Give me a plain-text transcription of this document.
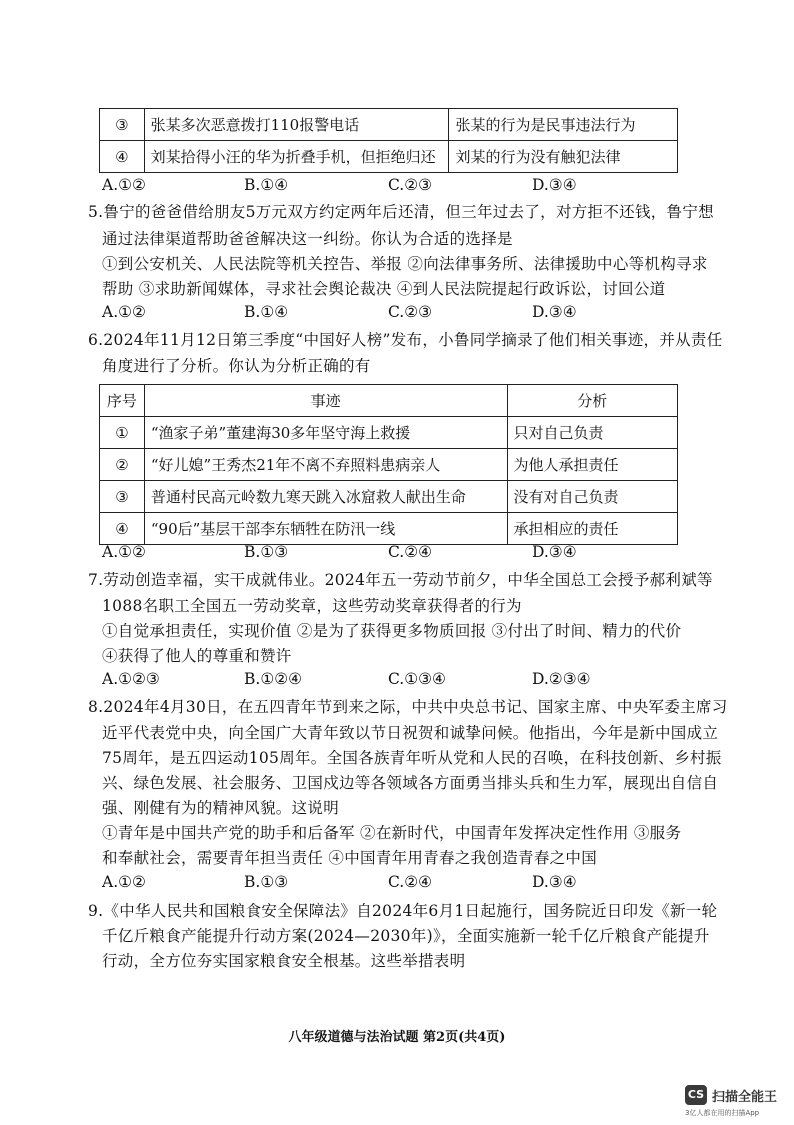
③	张某多次恶意拨打110报警电话	张某的行为是民事违法行为
④	刘某拾得小汪的华为折叠手机，但拒绝归还	刘某的行为没有触犯法律
A.①②	B.①④	C.②③	D.③④
5.鲁宁的爸爸借给朋友5万元双方约定两年后还清，但三年过去了，对方拒不还钱，鲁宁想
通过法律渠道帮助爸爸解决这一纠纷。你认为合适的选择是
①到公安机关、人民法院等机关控告、举报 ②向法律事务所、法律援助中心等机构寻求
帮助 ③求助新闻媒体，寻求社会舆论裁决 ④到人民法院提起行政诉讼，讨回公道
A.①②	B.①④	C.②③	D.③④
6.2024年11月12日第三季度“中国好人榜”发布，小鲁同学摘录了他们相关事迹，并从责任
角度进行了分析。你认为分析正确的有
序号	事迹	分析
①	“渔家子弟”董建海30多年坚守海上救援	只对自己负责
②	“好儿媳”王秀杰21年不离不弃照料患病亲人	为他人承担责任
③	普通村民高元岭数九寒天跳入冰窟救人献出生命	没有对自己负责
④	“90后”基层干部李东牺牲在防汛一线	承担相应的责任
A.①②	B.①③	C.②④	D.③④
7.劳动创造幸福，实干成就伟业。2024年五一劳动节前夕，中华全国总工会授予郝利斌等
1088名职工全国五一劳动奖章，这些劳动奖章获得者的行为
①自觉承担责任，实现价值 ②是为了获得更多物质回报 ③付出了时间、精力的代价
④获得了他人的尊重和赞许
A.①②③	B.①②④	C.①③④	D.②③④
8.2024年4月30日，在五四青年节到来之际，中共中央总书记、国家主席、中央军委主席习
近平代表党中央，向全国广大青年致以节日祝贺和诚挚问候。他指出，今年是新中国成立
75周年，是五四运动105周年。全国各族青年听从党和人民的召唤，在科技创新、乡村振
兴、绿色发展、社会服务、卫国戍边等各领域各方面勇当排头兵和生力军，展现出自信自
强、刚健有为的精神风貌。这说明
①青年是中国共产党的助手和后备军 ②在新时代，中国青年发挥决定性作用 ③服务
和奉献社会，需要青年担当责任 ④中国青年用青春之我创造青春之中国
A.①②	B.①③	C.②④	D.③④
9.《中华人民共和国粮食安全保障法》自2024年6月1日起施行，国务院近日印发《新一轮
千亿斤粮食产能提升行动方案(2024—2030年)》，全面实施新一轮千亿斤粮食产能提升
行动，全方位夯实国家粮食安全根基。这些举措表明
八年级道德与法治试题 第2页(共4页)
CS 扫描全能王
3亿人都在用的扫描App
